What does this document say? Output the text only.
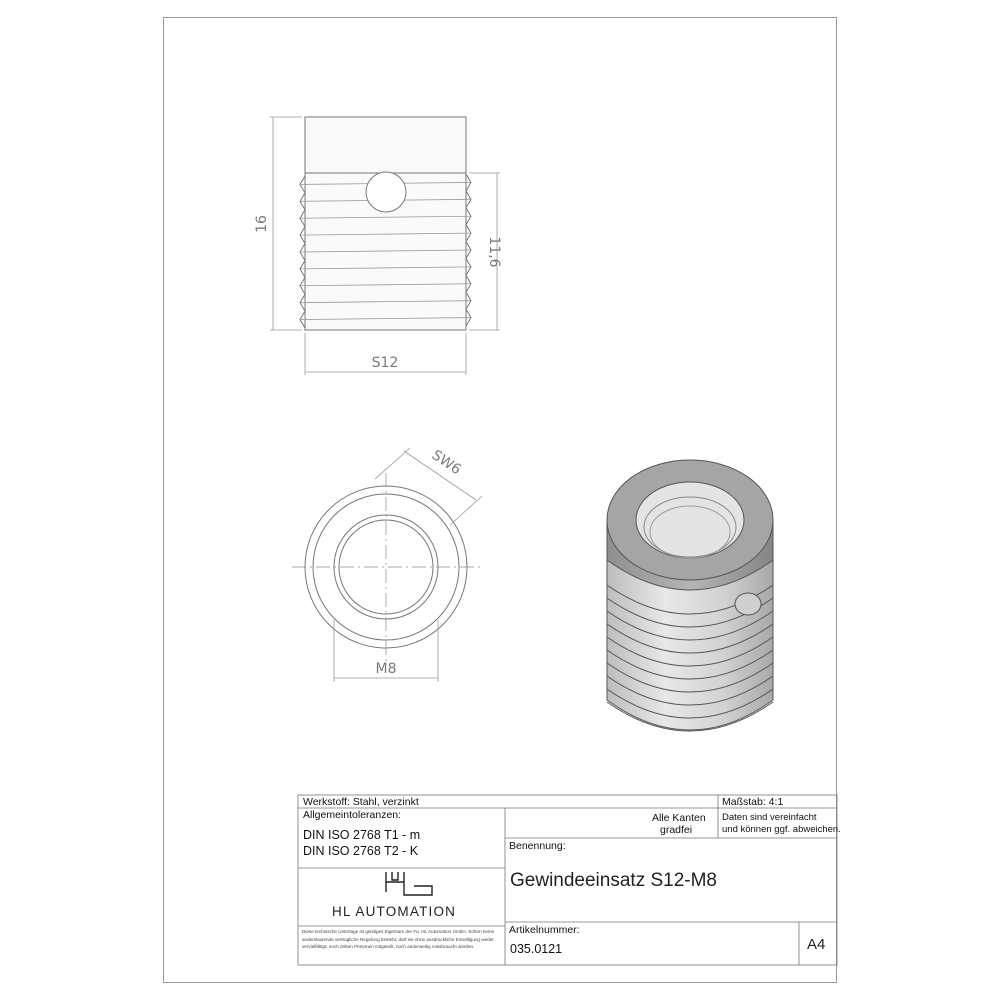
16
11,6
S12
SW6
M8
Werkstoff: Stahl, verzinkt	Maßstab: 4:1
Allgemeintoleranzen:
DIN ISO 2768 T1 - m
DIN ISO 2768 T2 - K
Alle Kanten
gradfei
Daten sind vereinfacht
und können ggf. abweichen.
Benennung:
Gewindeeinsatz S12-M8
Artikelnummer:
035.0121	A4
HL AUTOMATION
Diese technische Unterlage ist geistiges Eigentum der Fa. HL Automation GmbH. Sofern keine anderslautende vertragliche Regelung besteht, darf sie ohne ausdrückliche Einwilligung weder vervielfältigt, noch dritten Personen mitgeteilt, noch anderweitig missbraucht werden.
